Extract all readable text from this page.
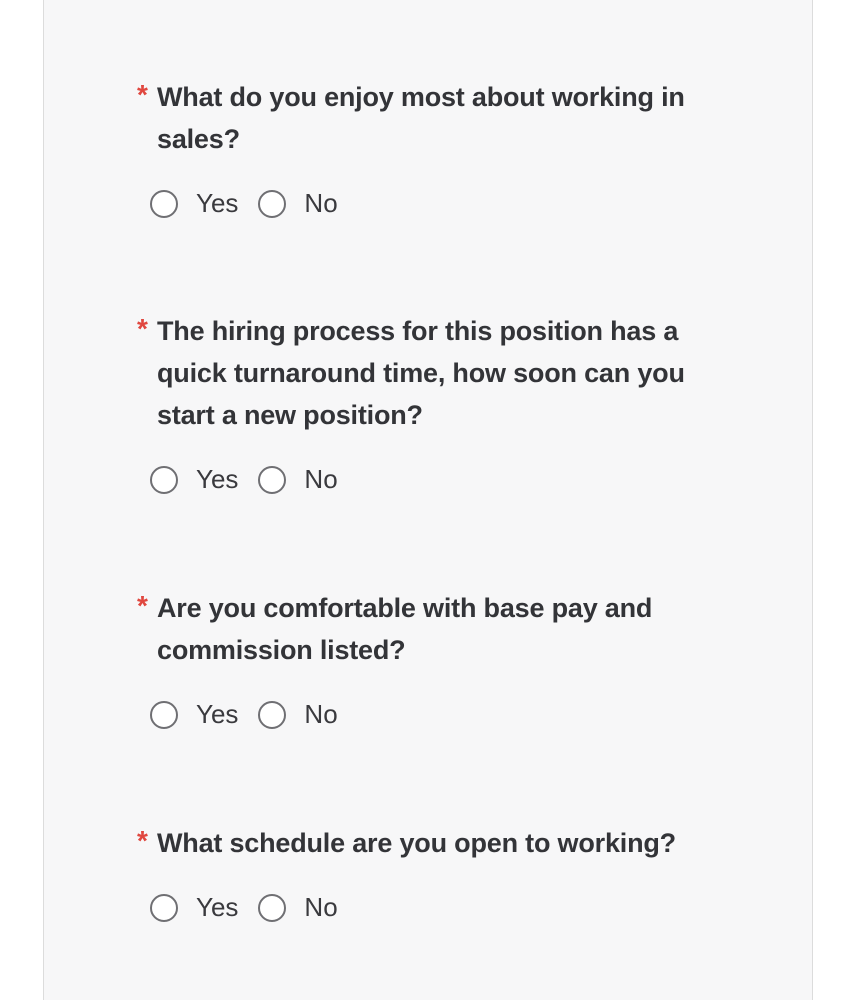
* What do you enjoy most about working in sales?
Yes	No
* The hiring process for this position has a quick turnaround time, how soon can you start a new position?
Yes	No
* Are you comfortable with base pay and commission listed?
Yes	No
* What schedule are you open to working?
Yes	No
